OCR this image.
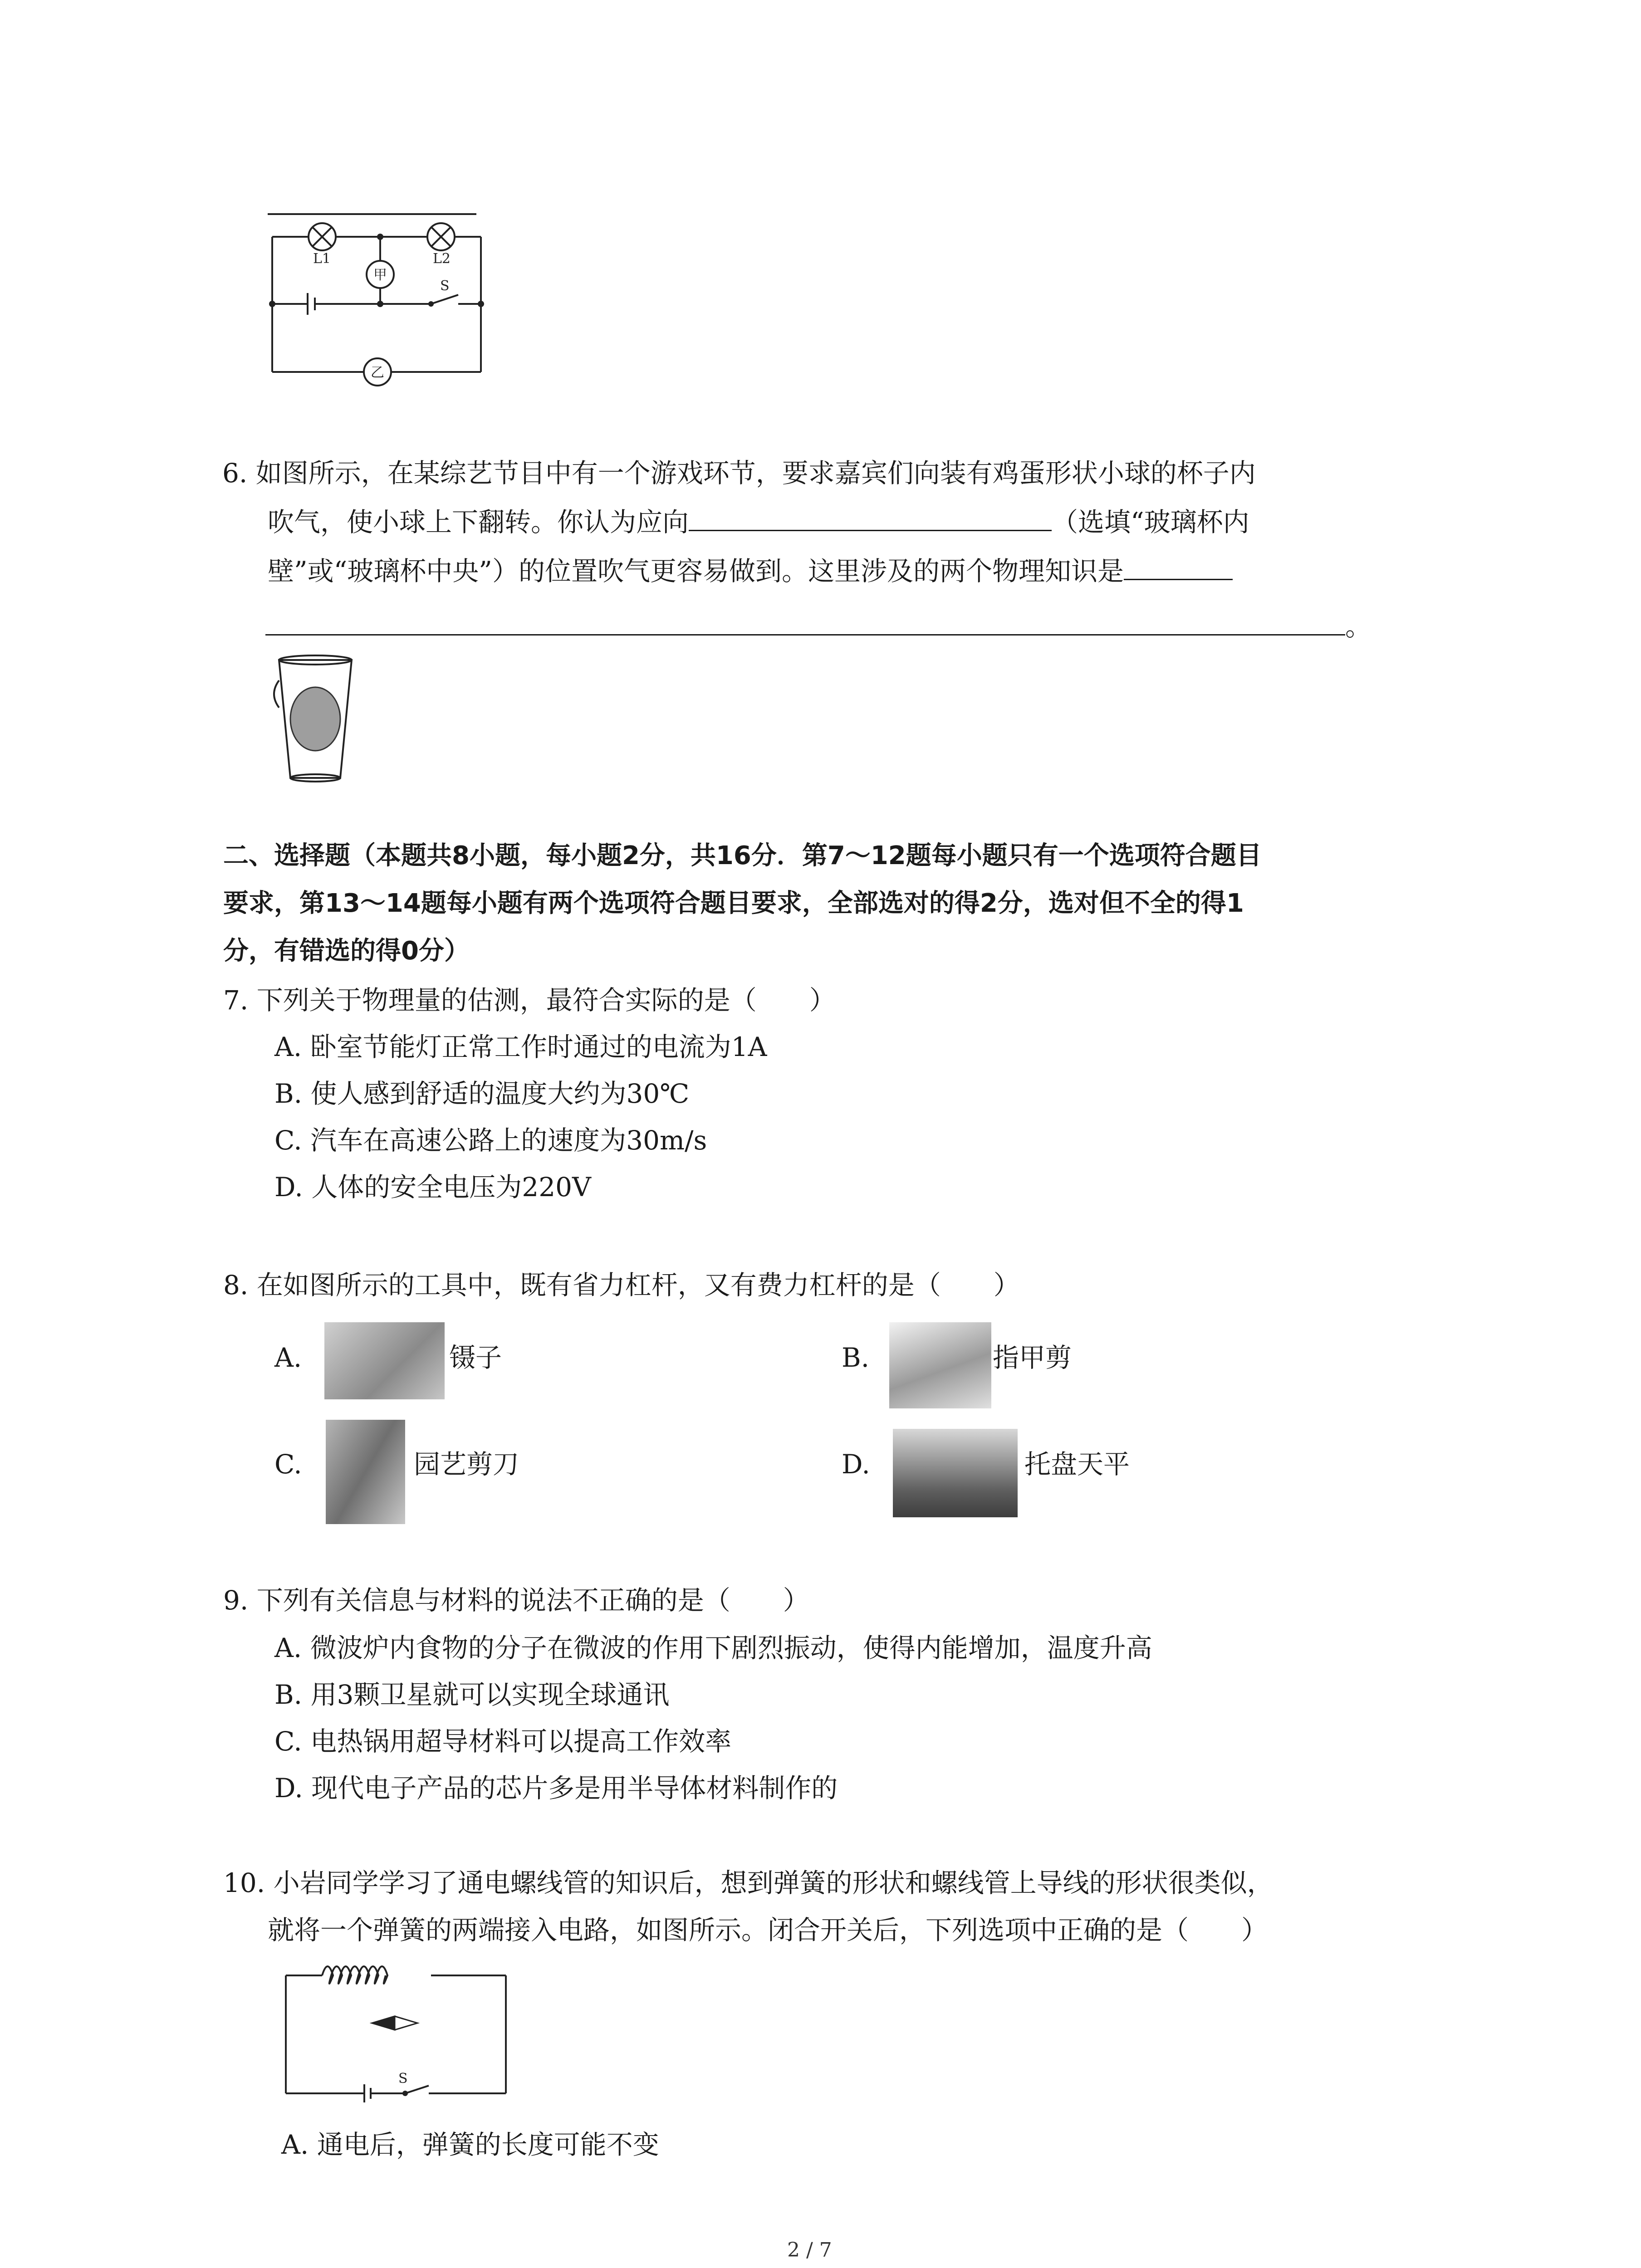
L1
甲
L2
S
乙
6. 如图所示，在某综艺节目中有一个游戏环节，要求嘉宾们向装有鸡蛋形状小球的杯子内
吹气，使小球上下翻转。你认为应向	（选填“玻璃杯内
壁”或“玻璃杯中央”）的位置吹气更容易做到。这里涉及的两个物理知识是
。
二、选择题（本题共8小题，每小题2分，共16分．第7～12题每小题只有一个选项符合题目
要求，第13～14题每小题有两个选项符合题目要求，全部选对的得2分，选对但不全的得1
分，有错选的得0分）
7. 下列关于物理量的估测，最符合实际的是（　　）
A. 卧室节能灯正常工作时通过的电流为1A
B. 使人感到舒适的温度大约为30℃
C. 汽车在高速公路上的速度为30m/s
D. 人体的安全电压为220V
8. 在如图所示的工具中，既有省力杠杆，又有费力杠杆的是（　　）
A.	镊子	B.	指甲剪
C.	园艺剪刀	D.	托盘天平
9. 下列有关信息与材料的说法不正确的是（　　）
A. 微波炉内食物的分子在微波的作用下剧烈振动，使得内能增加，温度升高
B. 用3颗卫星就可以实现全球通讯
C. 电热锅用超导材料可以提高工作效率
D. 现代电子产品的芯片多是用半导体材料制作的
10. 小岩同学学习了通电螺线管的知识后，想到弹簧的形状和螺线管上导线的形状很类似，
就将一个弹簧的两端接入电路，如图所示。闭合开关后，下列选项中正确的是（　　）
S
A. 通电后，弹簧的长度可能不变
2 / 7
